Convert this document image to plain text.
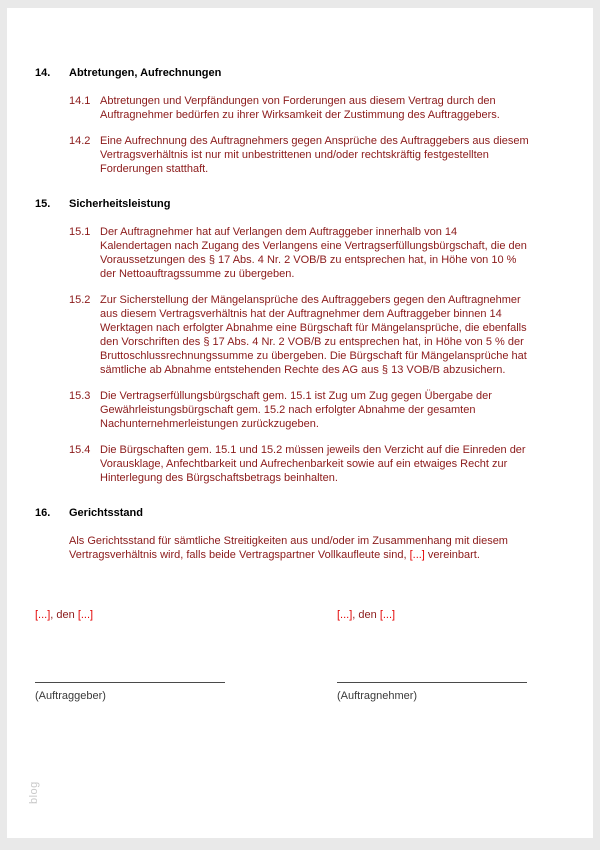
14.	Abtretungen, Aufrechnungen
14.1 Abtretungen und Verpfändungen von Forderungen aus diesem Vertrag durch den Auftragnehmer bedürfen zu ihrer Wirksamkeit der Zustimmung des Auftraggebers.
14.2 Eine Aufrechnung des Auftragnehmers gegen Ansprüche des Auftraggebers aus diesem Vertragsverhältnis ist nur mit unbestrittenen und/oder rechtskräftig festgestellten Forderungen statthaft.
15.	Sicherheitsleistung
15.1 Der Auftragnehmer hat auf Verlangen dem Auftraggeber innerhalb von 14 Kalendertagen nach Zugang des Verlangens eine Vertragserfüllungsbürgschaft, die den Voraussetzungen des § 17 Abs. 4 Nr. 2 VOB/B zu entsprechen hat, in Höhe von 10 % der Nettoauftragssumme zu übergeben.
15.2 Zur Sicherstellung der Mängelansprüche des Auftraggebers gegen den Auftragnehmer aus diesem Vertragsverhältnis hat der Auftragnehmer dem Auftraggeber binnen 14 Werktagen nach erfolgter Abnahme eine Bürgschaft für Mängelansprüche, die ebenfalls den Vorschriften des § 17 Abs. 4 Nr. 2 VOB/B zu entsprechen hat, in Höhe von 5 % der Bruttoschlussrechnungssumme zu übergeben. Die Bürgschaft für Mängelansprüche hat sämtliche ab Abnahme entstehenden Rechte des AG aus § 13 VOB/B abzusichern.
15.3 Die Vertragserfüllungsbürgschaft gem. 15.1 ist Zug um Zug gegen Übergabe der Gewährleistungsbürgschaft gem. 15.2 nach erfolgter Abnahme der gesamten Nachunternehmerleistungen zurückzugeben.
15.4 Die Bürgschaften gem. 15.1 und 15.2 müssen jeweils den Verzicht auf die Einreden der Vorausklage, Anfechtbarkeit und Aufrechenbarkeit sowie auf ein etwaiges Recht zur Hinterlegung des Bürgschaftsbetrags beinhalten.
16.	Gerichtsstand
Als Gerichtsstand für sämtliche Streitigkeiten aus und/oder im Zusammenhang mit diesem Vertragsverhältnis wird, falls beide Vertragspartner Vollkaufleute sind, [...] vereinbart.
[...], den [...]	[...], den [...]
(Auftraggeber)	(Auftragnehmer)
blog
